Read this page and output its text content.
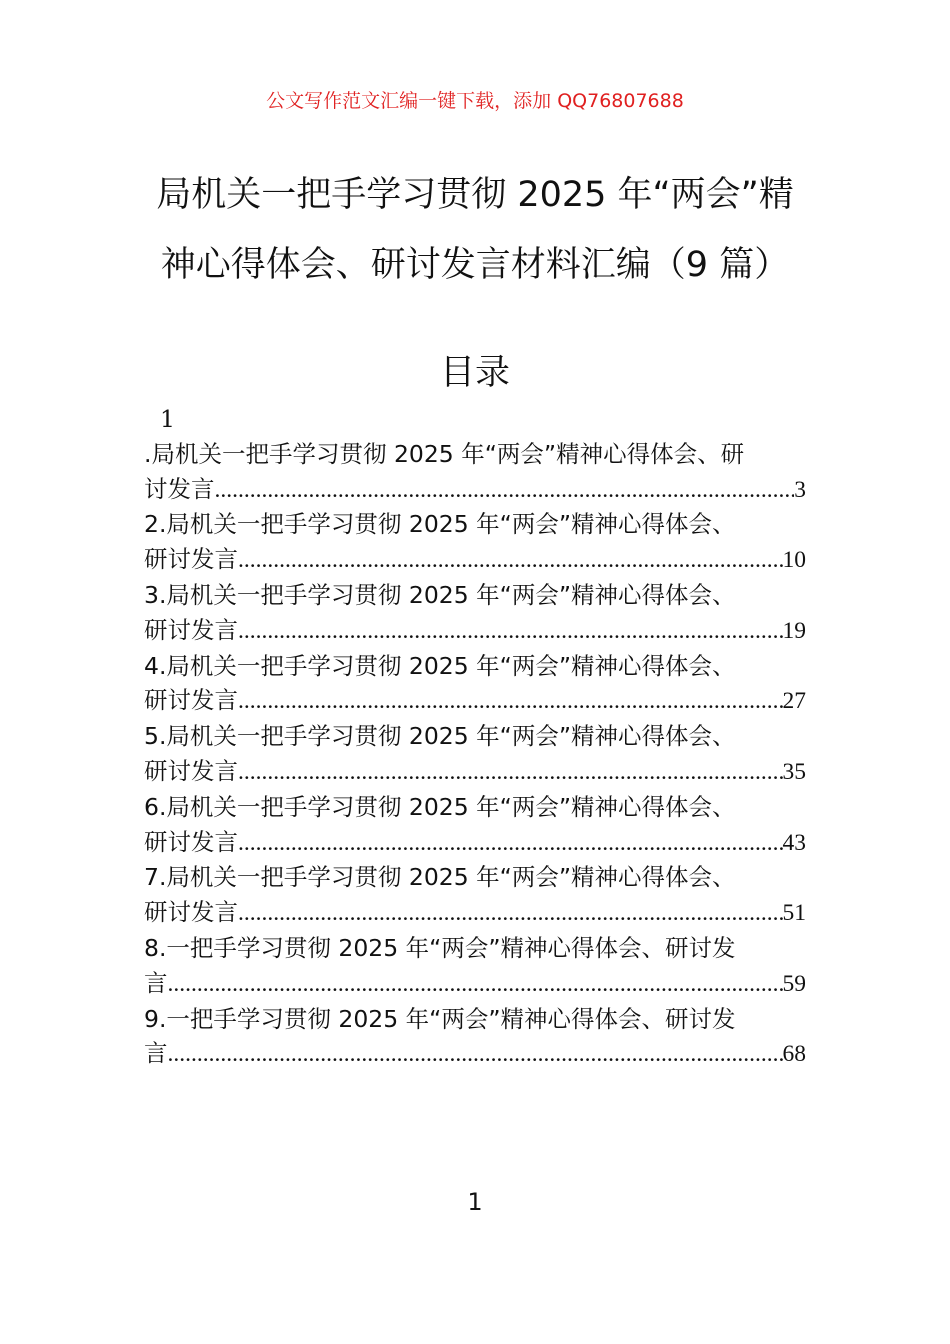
公文写作范文汇编一键下载，添加 QQ76807688
局机关一把手学习贯彻 2025 年“两会”精
神心得体会、研讨发言材料汇编（9 篇）
目录
1
.局机关一把手学习贯彻 2025 年“两会”精神心得体会、研
讨发言 .....	3
2.局机关一把手学习贯彻 2025 年“两会”精神心得体会、
研讨发言 .....	10
3.局机关一把手学习贯彻 2025 年“两会”精神心得体会、
研讨发言 .....	19
4.局机关一把手学习贯彻 2025 年“两会”精神心得体会、
研讨发言 .....	27
5.局机关一把手学习贯彻 2025 年“两会”精神心得体会、
研讨发言 .....	35
6.局机关一把手学习贯彻 2025 年“两会”精神心得体会、
研讨发言 .....	43
7.局机关一把手学习贯彻 2025 年“两会”精神心得体会、
研讨发言 .....	51
8.一把手学习贯彻 2025 年“两会”精神心得体会、研讨发
言 .....	59
9.一把手学习贯彻 2025 年“两会”精神心得体会、研讨发
言 .....	68
1
